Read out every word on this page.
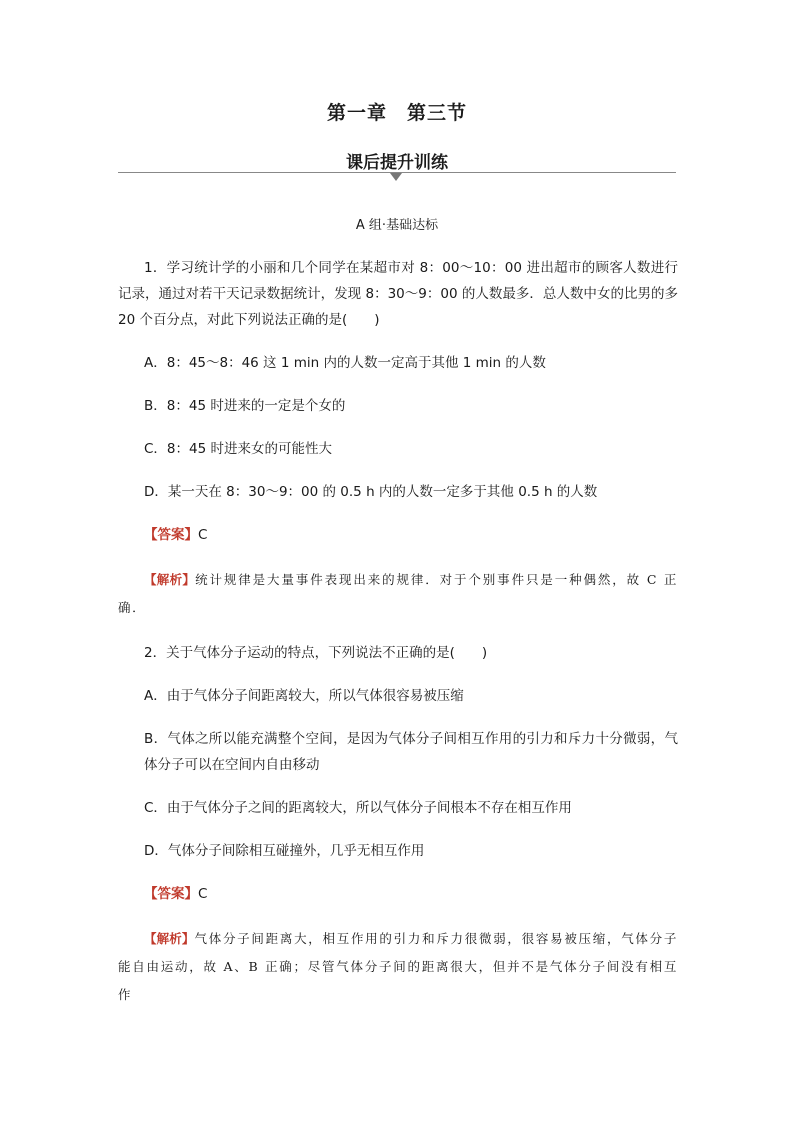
第一章　第三节
课后提升训练
A 组·基础达标

1．学习统计学的小丽和几个同学在某超市对 8：00～10：00 进出超市的顾客人数进行记录，通过对若干天记录数据统计，发现 8：30～9：00 的人数最多．总人数中女的比男的多 20 个百分点，对此下列说法正确的是(　　)

A．8：45～8：46 这 1 min 内的人数一定高于其他 1 min 的人数

B．8：45 时进来的一定是个女的

C．8：45 时进来女的可能性大

D．某一天在 8：30～9：00 的 0.5 h 内的人数一定多于其他 0.5 h 的人数

【答案】C

【解析】统计规律是大量事件表现出来的规律．对于个别事件只是一种偶然，故 C 正确．

2．关于气体分子运动的特点，下列说法不正确的是(　　)

A．由于气体分子间距离较大，所以气体很容易被压缩

B．气体之所以能充满整个空间，是因为气体分子间相互作用的引力和斥力十分微弱，气体分子可以在空间内自由移动

C．由于气体分子之间的距离较大，所以气体分子间根本不存在相互作用

D．气体分子间除相互碰撞外，几乎无相互作用

【答案】C

【解析】气体分子间距离大，相互作用的引力和斥力很微弱，很容易被压缩，气体分子能自由运动，故 A、B 正确；尽管气体分子间的距离很大，但并不是气体分子间没有相互作
